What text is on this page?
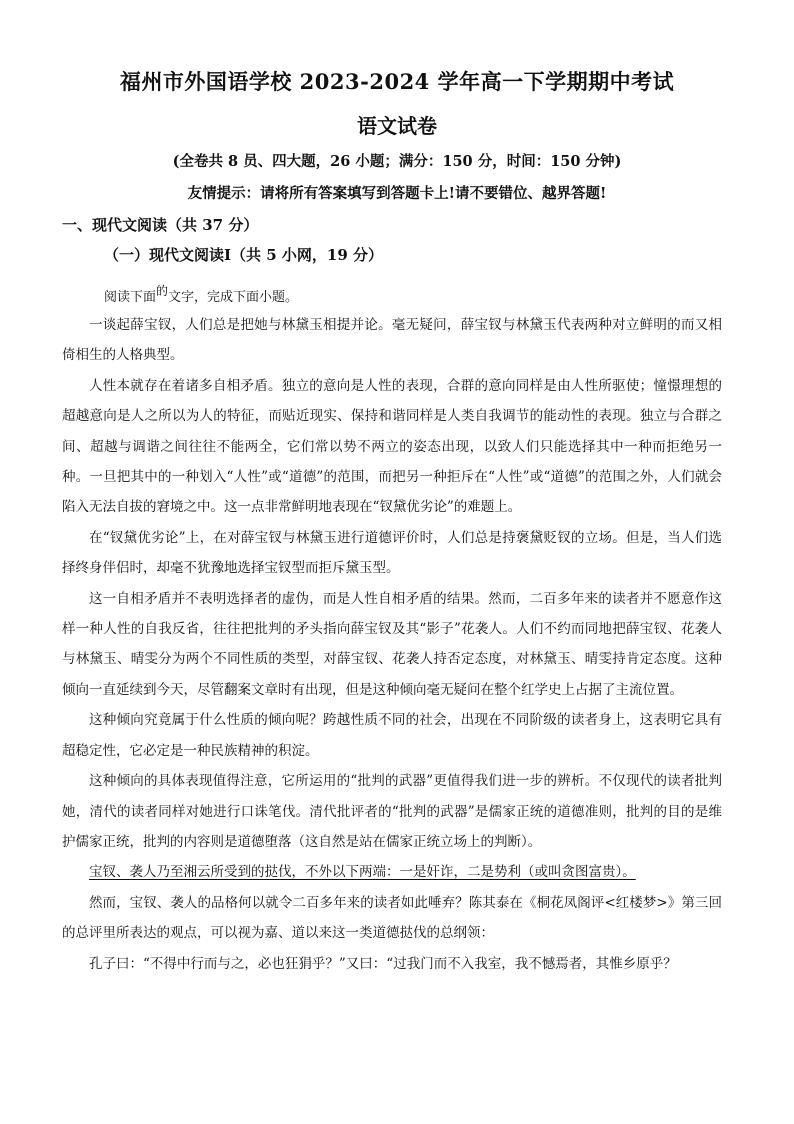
福州市外国语学校 2023-2024 学年高一下学期期中考试
语文试卷
(全卷共 8 员、四大题，26 小题；满分：150 分，时间：150 分钟)
友情提示：请将所有答案填写到答题卡上!请不要错位、越界答题!
一、现代文阅读（共 37 分）
（一）现代文阅读Ⅰ（共 5 小网，19 分）
阅读下面$^的$文字，完成下面小题。

一谈起薛宝钗，人们总是把她与林黛玉相提并论。毫无疑问，薛宝钗与林黛玉代表两种对立鲜明的而又相倚相生的人格典型。

人性本就存在着诸多自相矛盾。独立的意向是人性的表现，合群的意向同样是由人性所驱使；憧憬理想的超越意向是人之所以为人的特征，而贴近现实、保持和谐同样是人类自我调节的能动性的表现。独立与合群之间、超越与调谐之间往往不能两全，它们常以势不两立的姿态出现，以致人们只能选择其中一种而拒绝另一种。一旦把其中的一种划入“人性”或“道德”的范围，而把另一种拒斥在“人性”或“道德”的范围之外，人们就会陷入无法自拔的窘境之中。这一点非常鲜明地表现在“钗黛优劣论”的难题上。

在“钗黛优劣论”上，在对薛宝钗与林黛玉进行道德评价时，人们总是持褒黛贬钗的立场。但是，当人们选择终身伴侣时，却毫不犹豫地选择宝钗型而拒斥黛玉型。

这一自相矛盾并不表明选择者的虚伪，而是人性自相矛盾的结果。然而，二百多年来的读者并不愿意作这样一种人性的自我反省，往往把批判的矛头指向薛宝钗及其“影子”花袭人。人们不约而同地把薛宝钗、花袭人与林黛玉、晴雯分为两个不同性质的类型，对薛宝钗、花袭人持否定态度，对林黛玉、晴雯持肯定态度。这种倾向一直延续到今天，尽管翻案文章时有出现，但是这种倾向毫无疑问在整个红学史上占据了主流位置。

这种倾向究竟属于什么性质的倾向呢？跨越性质不同的社会，出现在不同阶级的读者身上，这表明它具有超稳定性，它必定是一种民族精神的积淀。

这种倾向的具体表现值得注意，它所运用的“批判的武器”更值得我们进一步的辨析。不仅现代的读者批判她，清代的读者同样对她进行口诛笔伐。清代批评者的“批判的武器”是儒家正统的道德准则，批判的目的是维护儒家正统，批判的内容则是道德堕落（这自然是站在儒家正统立场上的判断）。

宝钗、袭人乃至湘云所受到的挞伐，不外以下两端：一是奸诈，二是势利（或叫贪图富贵）。

然而，宝钗、袭人的品格何以就令二百多年来的读者如此唾弃？陈其泰在《桐花凤阁评<红楼梦>》第三回的总评里所表达的观点，可以视为嘉、道以来这一类道德挞伐的总纲领：

孔子曰：“不得中行而与之，必也狂狷乎？”又曰：“过我门而不入我室，我不憾焉者，其惟乡原乎？
